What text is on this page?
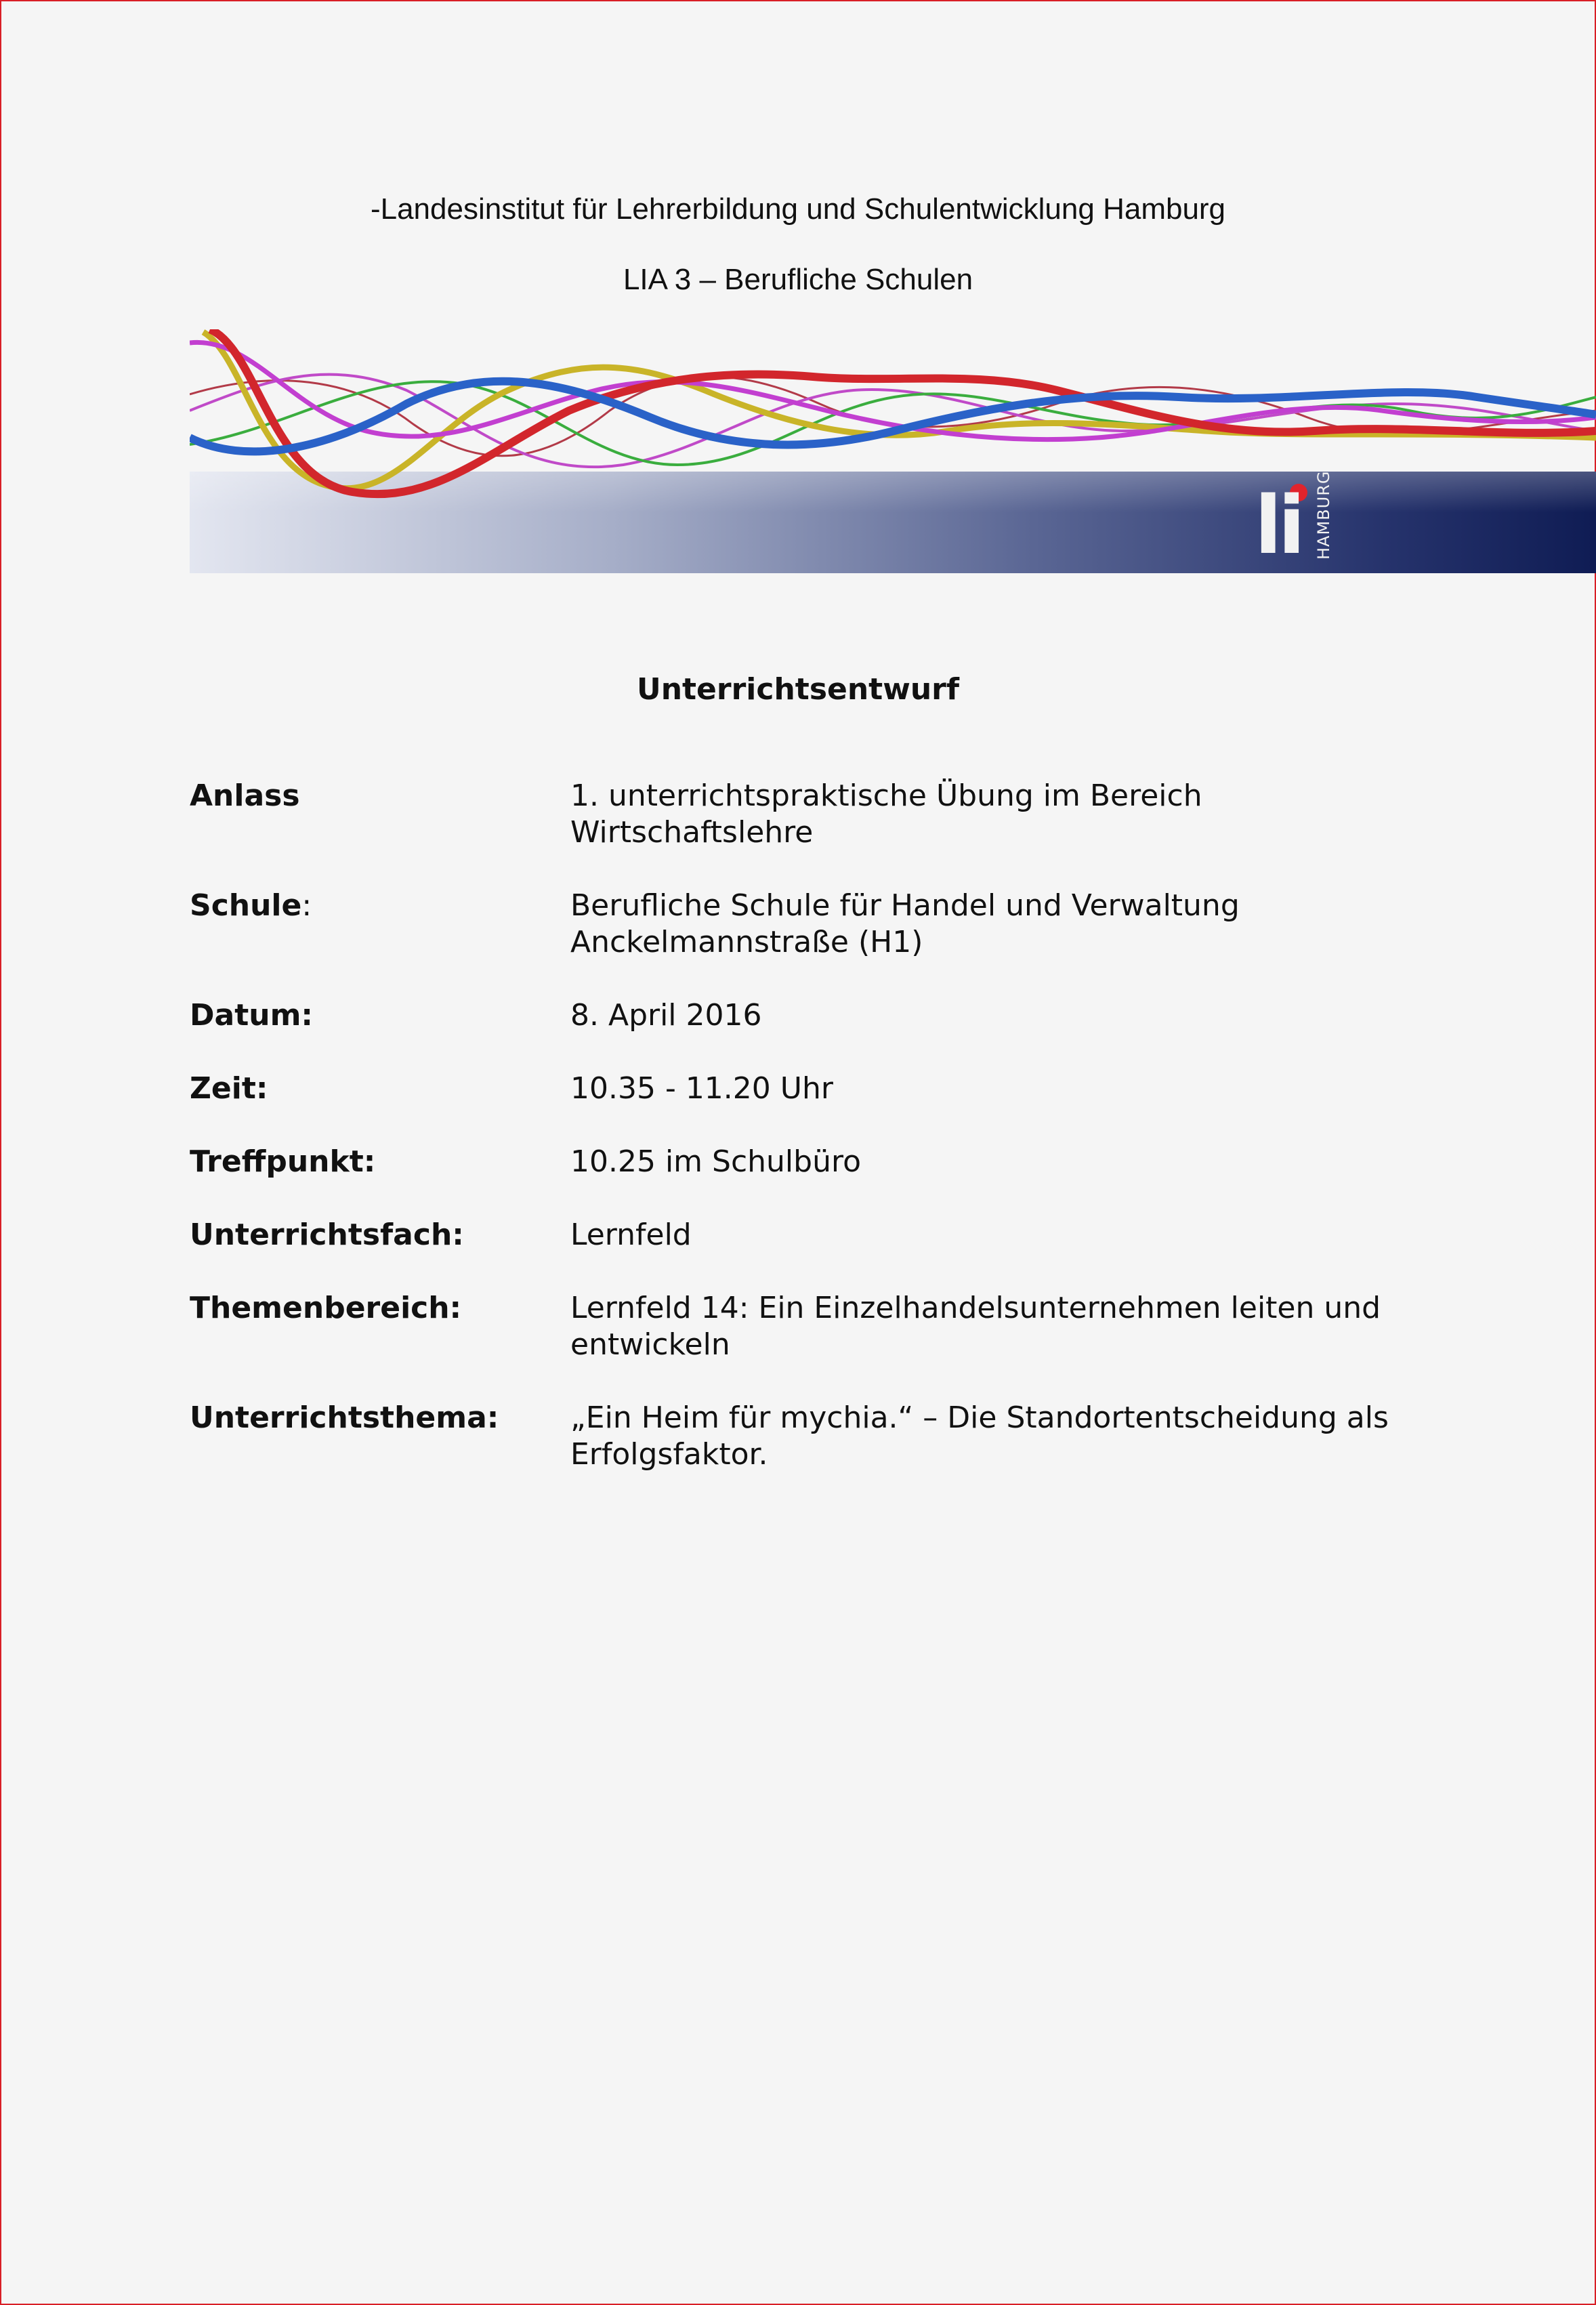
-Landesinstitut für Lehrerbildung und Schulentwicklung Hamburg
LIA 3 – Berufliche Schulen
li HAMBURG
Unterrichtsentwurf
Anlass	1. unterrichtspraktische Übung im Bereich Wirtschaftslehre
Schule:	Berufliche Schule für Handel und Verwaltung Anckelmannstraße (H1)
Datum:	8. April 2016
Zeit:	10.35 - 11.20 Uhr
Treffpunkt:	10.25 im Schulbüro
Unterrichtsfach:	Lernfeld
Themenbereich:	Lernfeld 14: Ein Einzelhandelsunternehmen leiten und entwickeln
Unterrichtsthema:	„Ein Heim für mychia.“ – Die Standortentscheidung als Erfolgsfaktor.
